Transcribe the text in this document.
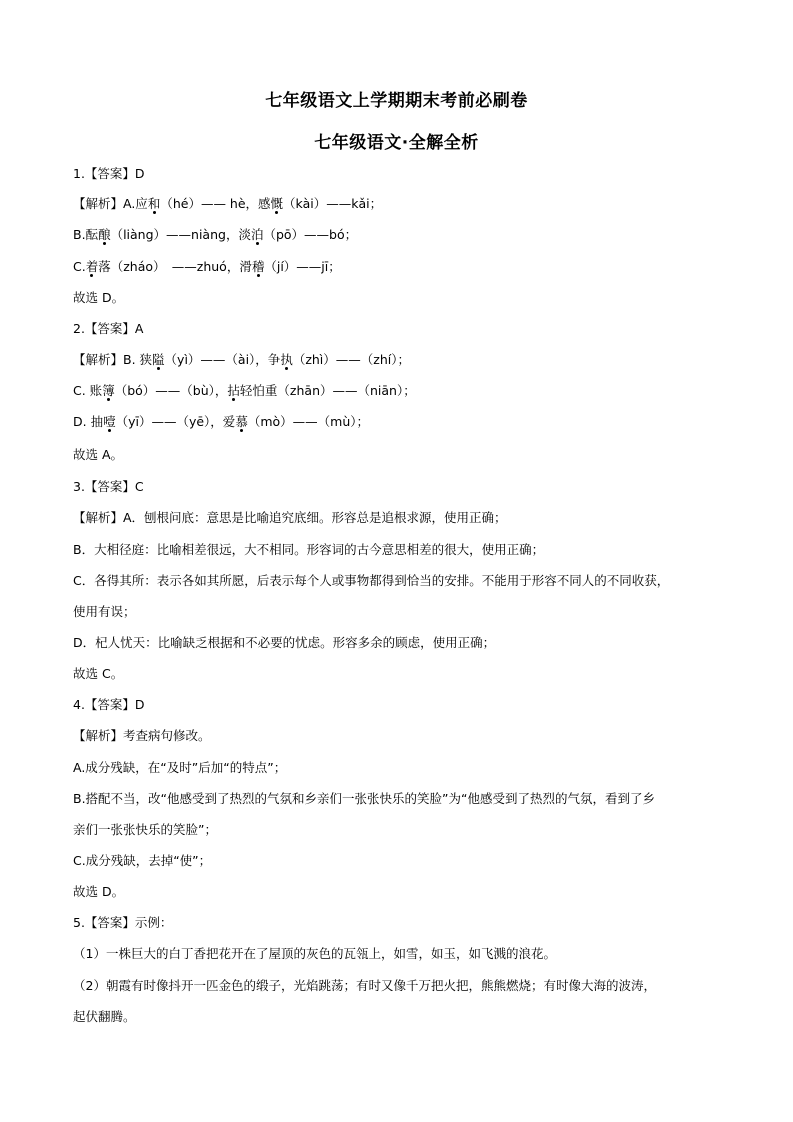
七年级语文上学期期末考前必刷卷
七年级语文·全解全析
1.【答案】D
【解析】A.应和（hé）—— hè，感慨（kài）——kǎi；
B.酝酿（liàng）——niàng，淡泊（pō）——bó；
C.着落（zháo）　——zhuó，滑稽（jí）——jī；
故选 D。
2.【答案】A
【解析】B. 狭隘（yì）——（ài），争执（zhì）——（zhí）；
C. 账簿（bó）——（bù），拈轻怕重（zhān）——（niān）；
D. 抽噎（yī）——（yē），爱慕（mò）——（mù）；
故选 A。
3.【答案】C
【解析】A．刨根问底：意思是比喻追究底细。形容总是追根求源，使用正确；
B．大相径庭：比喻相差很远，大不相同。形容词的古今意思相差的很大，使用正确；
C．各得其所：表示各如其所愿，后表示每个人或事物都得到恰当的安排。不能用于形容不同人的不同收获，
使用有误；
D．杞人忧天：比喻缺乏根据和不必要的忧虑。形容多余的顾虑，使用正确；
故选 C。
4.【答案】D
【解析】考查病句修改。
A.成分残缺，在“及时”后加“的特点”；
B.搭配不当，改“他感受到了热烈的气氛和乡亲们一张张快乐的笑脸”为“他感受到了热烈的气氛，看到了乡
亲们一张张快乐的笑脸”；
C.成分残缺，去掉“使”；
故选 D。
5.【答案】示例：
（1）一株巨大的白丁香把花开在了屋顶的灰色的瓦瓴上，如雪，如玉，如飞溅的浪花。
（2）朝霞有时像抖开一匹金色的缎子，光焰跳荡；有时又像千万把火把，熊熊燃烧；有时像大海的波涛，
起伏翻腾。
